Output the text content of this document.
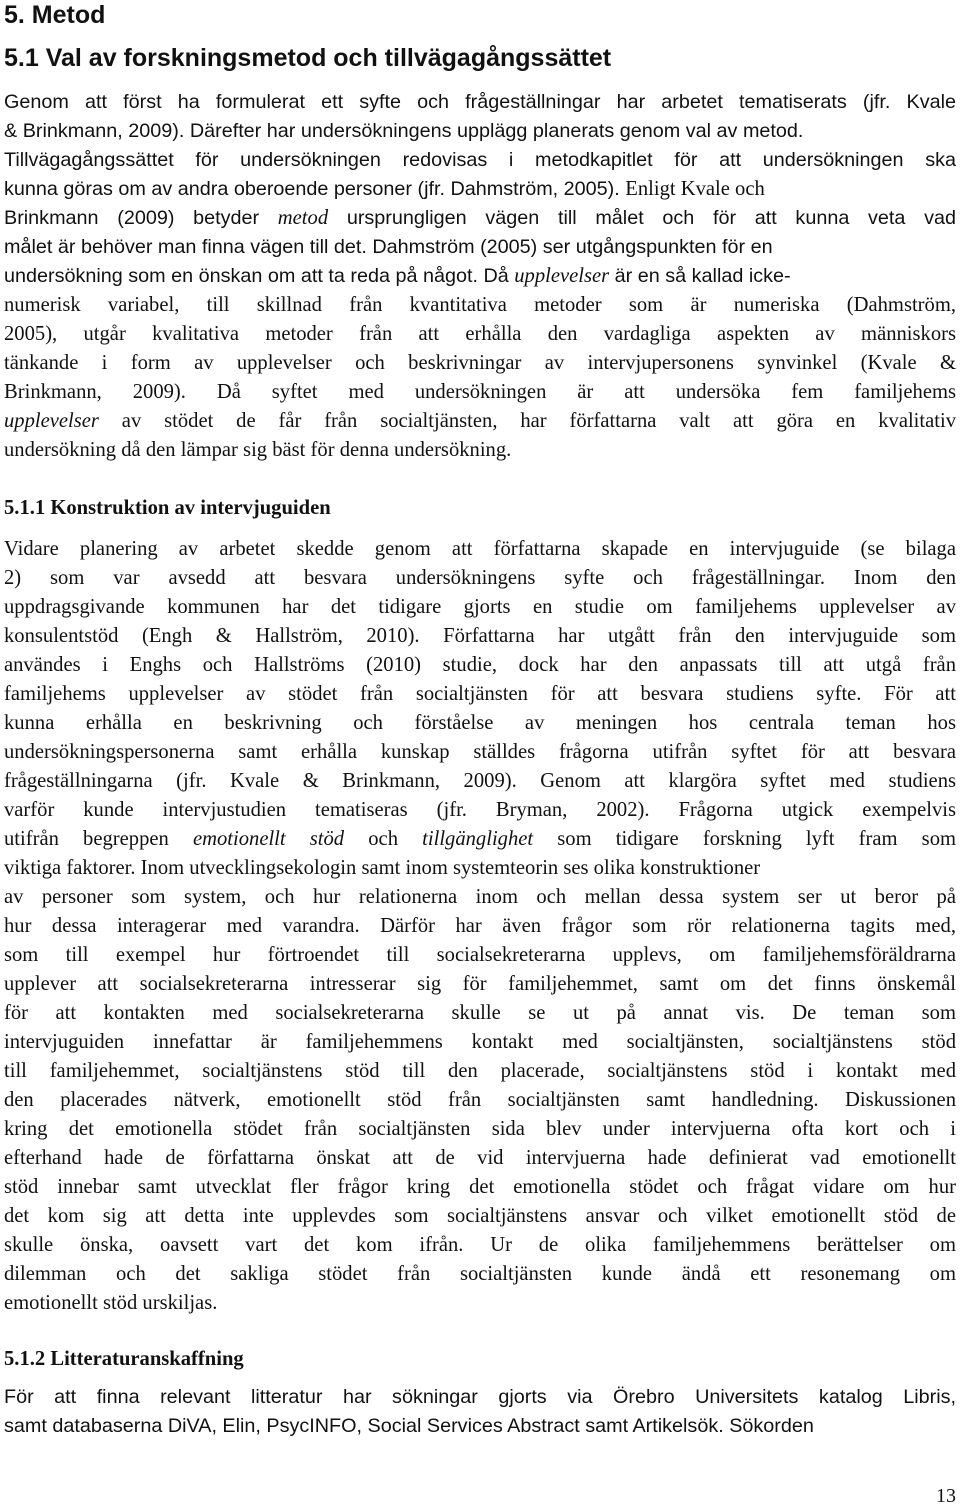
5. Metod
5.1 Val av forskningsmetod och tillvägagångssättet
Genom att först ha formulerat ett syfte och frågeställningar har arbetet tematiserats (jfr. Kvale
& Brinkmann, 2009). Därefter har undersökningens upplägg planerats genom val av metod.
Tillvägagångssättet för undersökningen redovisas i metodkapitlet för att undersökningen ska
kunna göras om av andra oberoende personer (jfr. Dahmström, 2005). Enligt Kvale och
Brinkmann (2009) betyder metod ursprungligen vägen till målet och för att kunna veta vad
målet är behöver man finna vägen till det. Dahmström (2005) ser utgångspunkten för en
undersökning som en önskan om att ta reda på något. Då upplevelser är en så kallad icke-
numerisk variabel, till skillnad från kvantitativa metoder som är numeriska (Dahmström,
2005), utgår kvalitativa metoder från att erhålla den vardagliga aspekten av människors
tänkande i form av upplevelser och beskrivningar av intervjupersonens synvinkel (Kvale &
Brinkmann, 2009). Då syftet med undersökningen är att undersöka fem familjehems
upplevelser av stödet de får från socialtjänsten, har författarna valt att göra en kvalitativ
undersökning då den lämpar sig bäst för denna undersökning.
5.1.1 Konstruktion av intervjuguiden
Vidare planering av arbetet skedde genom att författarna skapade en intervjuguide (se bilaga
2) som var avsedd att besvara undersökningens syfte och frågeställningar. Inom den
uppdragsgivande kommunen har det tidigare gjorts en studie om familjehems upplevelser av
konsulentstöd (Engh & Hallström, 2010). Författarna har utgått från den intervjuguide som
användes i Enghs och Hallströms (2010) studie, dock har den anpassats till att utgå från
familjehems upplevelser av stödet från socialtjänsten för att besvara studiens syfte. För att
kunna erhålla en beskrivning och förståelse av meningen hos centrala teman hos
undersökningspersonerna samt erhålla kunskap ställdes frågorna utifrån syftet för att besvara
frågeställningarna (jfr. Kvale & Brinkmann, 2009). Genom att klargöra syftet med studiens
varför kunde intervjustudien tematiseras (jfr. Bryman, 2002). Frågorna utgick exempelvis
utifrån begreppen emotionellt stöd och tillgänglighet som tidigare forskning lyft fram som
viktiga faktorer. Inom utvecklingsekologin samt inom systemteorin ses olika konstruktioner
av personer som system, och hur relationerna inom och mellan dessa system ser ut beror på
hur dessa interagerar med varandra. Därför har även frågor som rör relationerna tagits med,
som till exempel hur förtroendet till socialsekreterarna upplevs, om familjehemsföräldrarna
upplever att socialsekreterarna intresserar sig för familjehemmet, samt om det finns önskemål
för att kontakten med socialsekreterarna skulle se ut på annat vis. De teman som
intervjuguiden innefattar är familjehemmens kontakt med socialtjänsten, socialtjänstens stöd
till familjehemmet, socialtjänstens stöd till den placerade, socialtjänstens stöd i kontakt med
den placerades nätverk, emotionellt stöd från socialtjänsten samt handledning. Diskussionen
kring det emotionella stödet från socialtjänsten sida blev under intervjuerna ofta kort och i
efterhand hade de författarna önskat att de vid intervjuerna hade definierat vad emotionellt
stöd innebar samt utvecklat fler frågor kring det emotionella stödet och frågat vidare om hur
det kom sig att detta inte upplevdes som socialtjänstens ansvar och vilket emotionellt stöd de
skulle önska, oavsett vart det kom ifrån. Ur de olika familjehemmens berättelser om
dilemman och det sakliga stödet från socialtjänsten kunde ändå ett resonemang om
emotionellt stöd urskiljas.
5.1.2 Litteraturanskaffning
För att finna relevant litteratur har sökningar gjorts via Örebro Universitets katalog Libris,
samt databaserna DiVA, Elin, PsycINFO, Social Services Abstract samt Artikelsök. Sökorden
13
